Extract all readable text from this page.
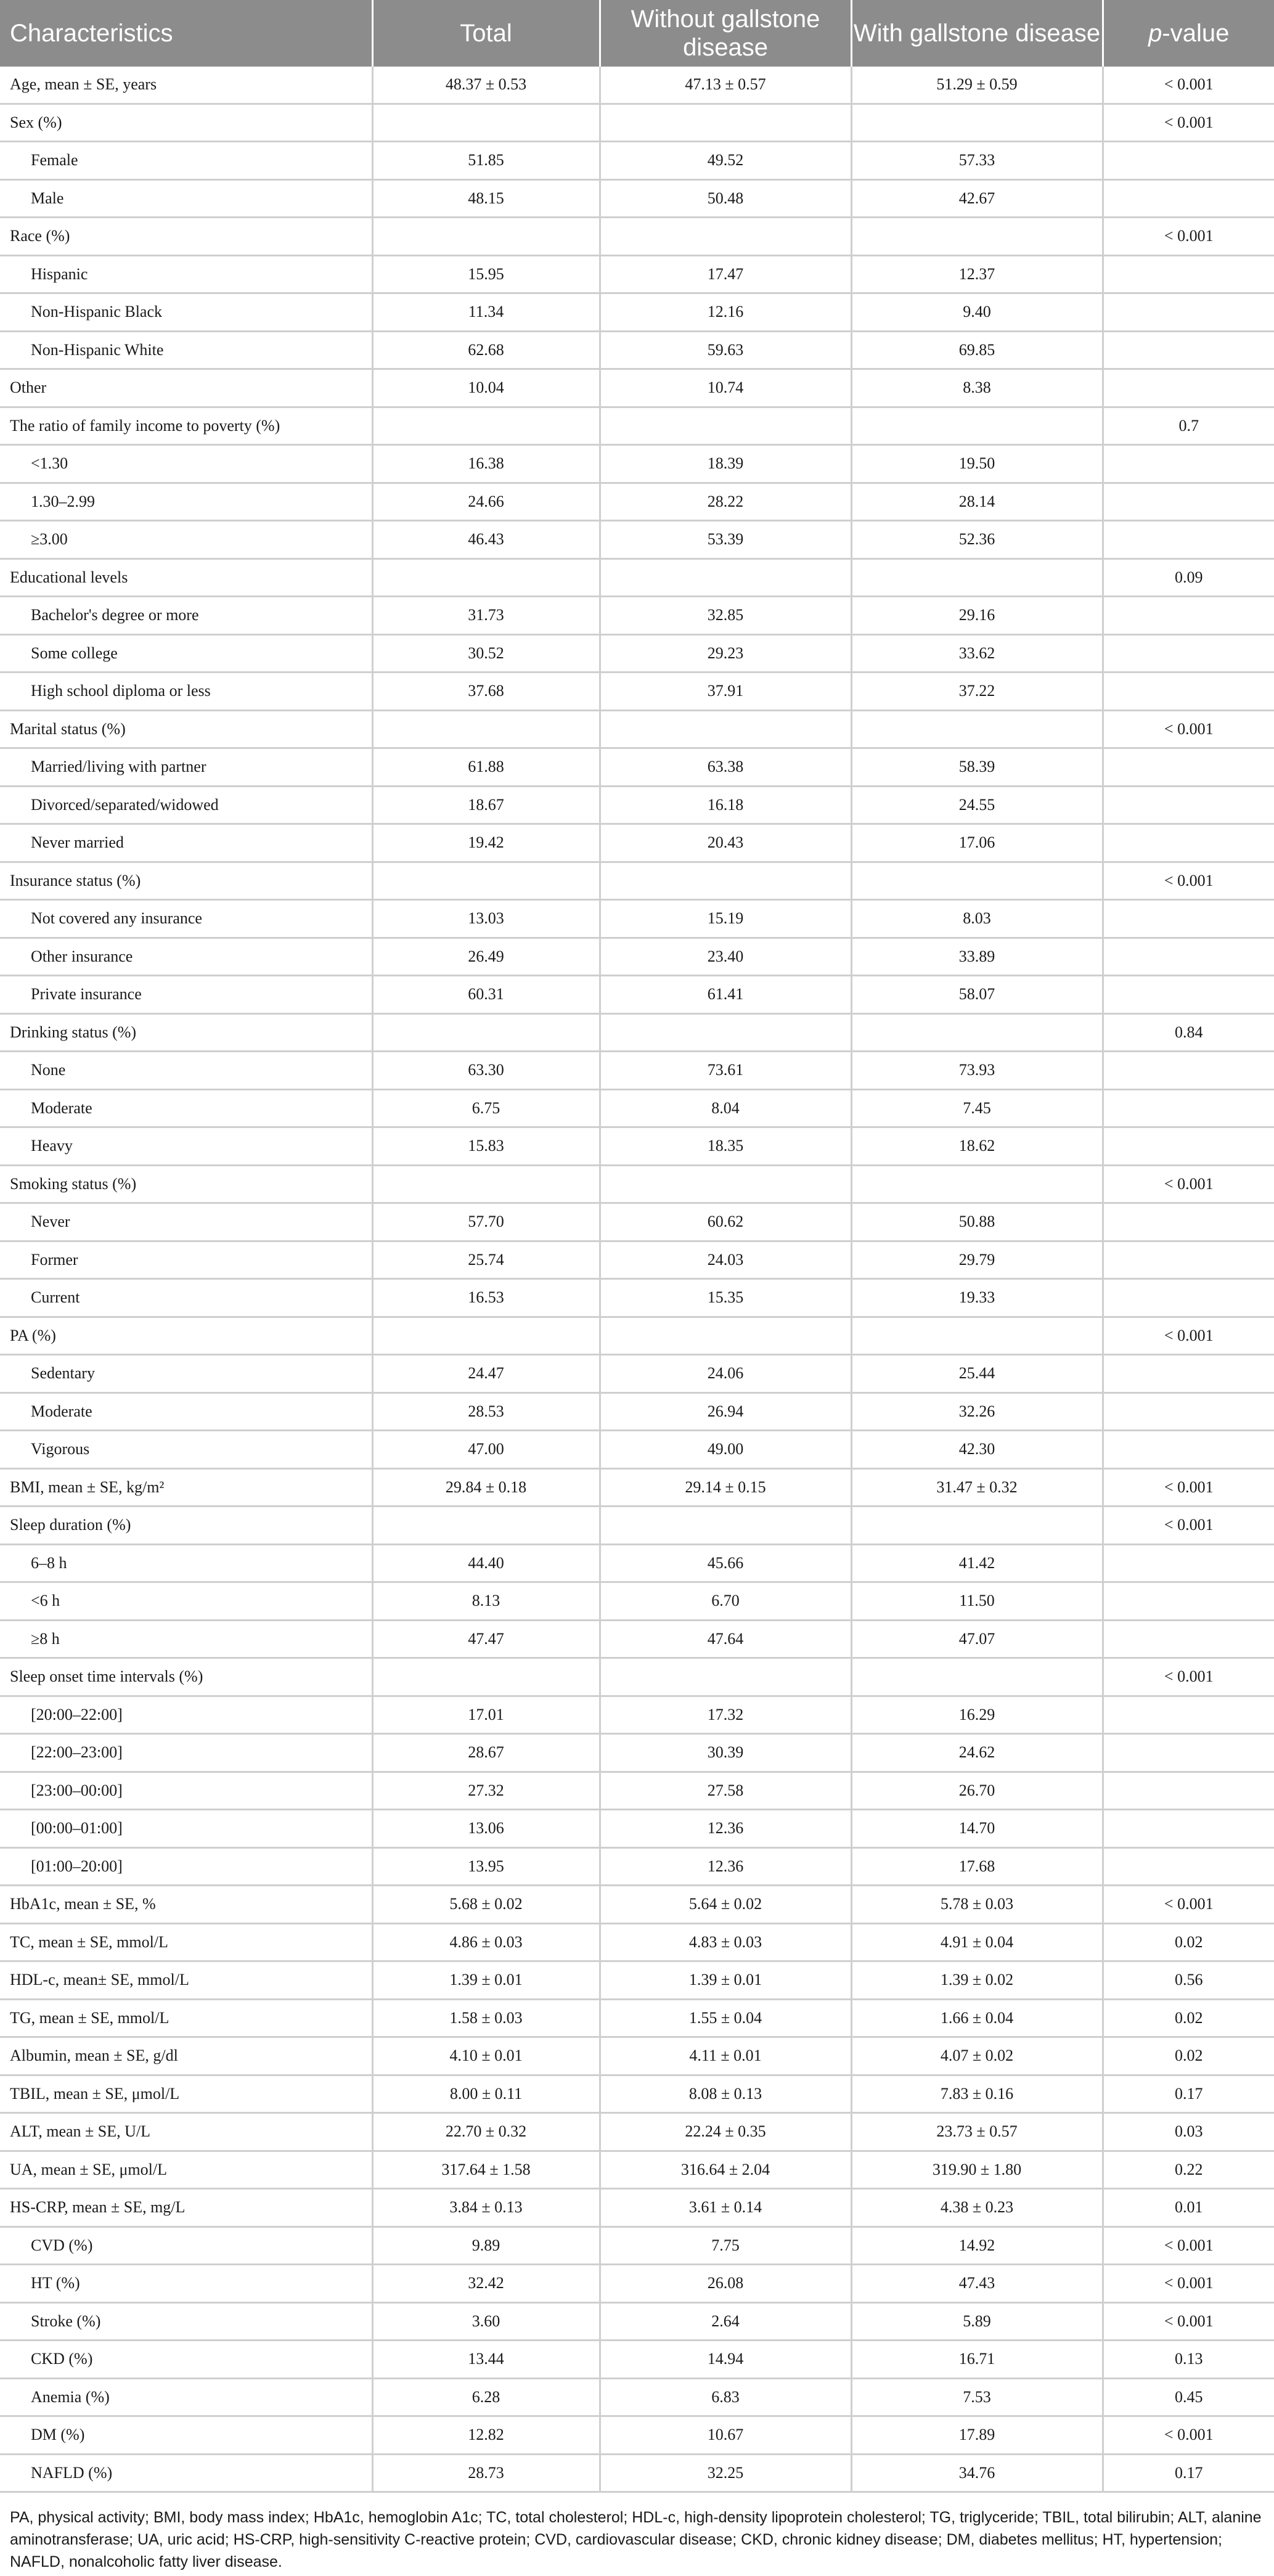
Characteristics	Total	Without gallstone disease	With gallstone disease	p-value
Age, mean ± SE, years	48.37 ± 0.53	47.13 ± 0.57	51.29 ± 0.59	< 0.001
Sex (%)				< 0.001
Female	51.85	49.52	57.33	
Male	48.15	50.48	42.67	
Race (%)				< 0.001
Hispanic	15.95	17.47	12.37	
Non-Hispanic Black	11.34	12.16	9.40	
Non-Hispanic White	62.68	59.63	69.85	
Other	10.04	10.74	8.38	
The ratio of family income to poverty (%)				0.7
<1.30	16.38	18.39	19.50	
1.30–2.99	24.66	28.22	28.14	
≥3.00	46.43	53.39	52.36	
Educational levels				0.09
Bachelor's degree or more	31.73	32.85	29.16	
Some college	30.52	29.23	33.62	
High school diploma or less	37.68	37.91	37.22	
Marital status (%)				< 0.001
Married/living with partner	61.88	63.38	58.39	
Divorced/separated/widowed	18.67	16.18	24.55	
Never married	19.42	20.43	17.06	
Insurance status (%)				< 0.001
Not covered any insurance	13.03	15.19	8.03	
Other insurance	26.49	23.40	33.89	
Private insurance	60.31	61.41	58.07	
Drinking status (%)				0.84
None	63.30	73.61	73.93	
Moderate	6.75	8.04	7.45	
Heavy	15.83	18.35	18.62	
Smoking status (%)				< 0.001
Never	57.70	60.62	50.88	
Former	25.74	24.03	29.79	
Current	16.53	15.35	19.33	
PA (%)				< 0.001
Sedentary	24.47	24.06	25.44	
Moderate	28.53	26.94	32.26	
Vigorous	47.00	49.00	42.30	
BMI, mean ± SE, kg/m²	29.84 ± 0.18	29.14 ± 0.15	31.47 ± 0.32	< 0.001
Sleep duration (%)				< 0.001
6–8 h	44.40	45.66	41.42	
<6 h	8.13	6.70	11.50	
≥8 h	47.47	47.64	47.07	
Sleep onset time intervals (%)				< 0.001
[20:00–22:00]	17.01	17.32	16.29	
[22:00–23:00]	28.67	30.39	24.62	
[23:00–00:00]	27.32	27.58	26.70	
[00:00–01:00]	13.06	12.36	14.70	
[01:00–20:00]	13.95	12.36	17.68	
HbA1c, mean ± SE, %	5.68 ± 0.02	5.64 ± 0.02	5.78 ± 0.03	< 0.001
TC, mean ± SE, mmol/L	4.86 ± 0.03	4.83 ± 0.03	4.91 ± 0.04	0.02
HDL-c, mean± SE, mmol/L	1.39 ± 0.01	1.39 ± 0.01	1.39 ± 0.02	0.56
TG, mean ± SE, mmol/L	1.58 ± 0.03	1.55 ± 0.04	1.66 ± 0.04	0.02
Albumin, mean ± SE, g/dl	4.10 ± 0.01	4.11 ± 0.01	4.07 ± 0.02	0.02
TBIL, mean ± SE, μmol/L	8.00 ± 0.11	8.08 ± 0.13	7.83 ± 0.16	0.17
ALT, mean ± SE, U/L	22.70 ± 0.32	22.24 ± 0.35	23.73 ± 0.57	0.03
UA, mean ± SE, μmol/L	317.64 ± 1.58	316.64 ± 2.04	319.90 ± 1.80	0.22
HS-CRP, mean ± SE, mg/L	3.84 ± 0.13	3.61 ± 0.14	4.38 ± 0.23	0.01
CVD (%)	9.89	7.75	14.92	< 0.001
HT (%)	32.42	26.08	47.43	< 0.001
Stroke (%)	3.60	2.64	5.89	< 0.001
CKD (%)	13.44	14.94	16.71	0.13
Anemia (%)	6.28	6.83	7.53	0.45
DM (%)	12.82	10.67	17.89	< 0.001
NAFLD (%)	28.73	32.25	34.76	0.17
PA, physical activity; BMI, body mass index; HbA1c, hemoglobin A1c; TC, total cholesterol; HDL-c, high-density lipoprotein cholesterol; TG, triglyceride; TBIL, total bilirubin; ALT, alanine aminotransferase; UA, uric acid; HS-CRP, high-sensitivity C-reactive protein; CVD, cardiovascular disease; CKD, chronic kidney disease; DM, diabetes mellitus; HT, hypertension; NAFLD, nonalcoholic fatty liver disease.
